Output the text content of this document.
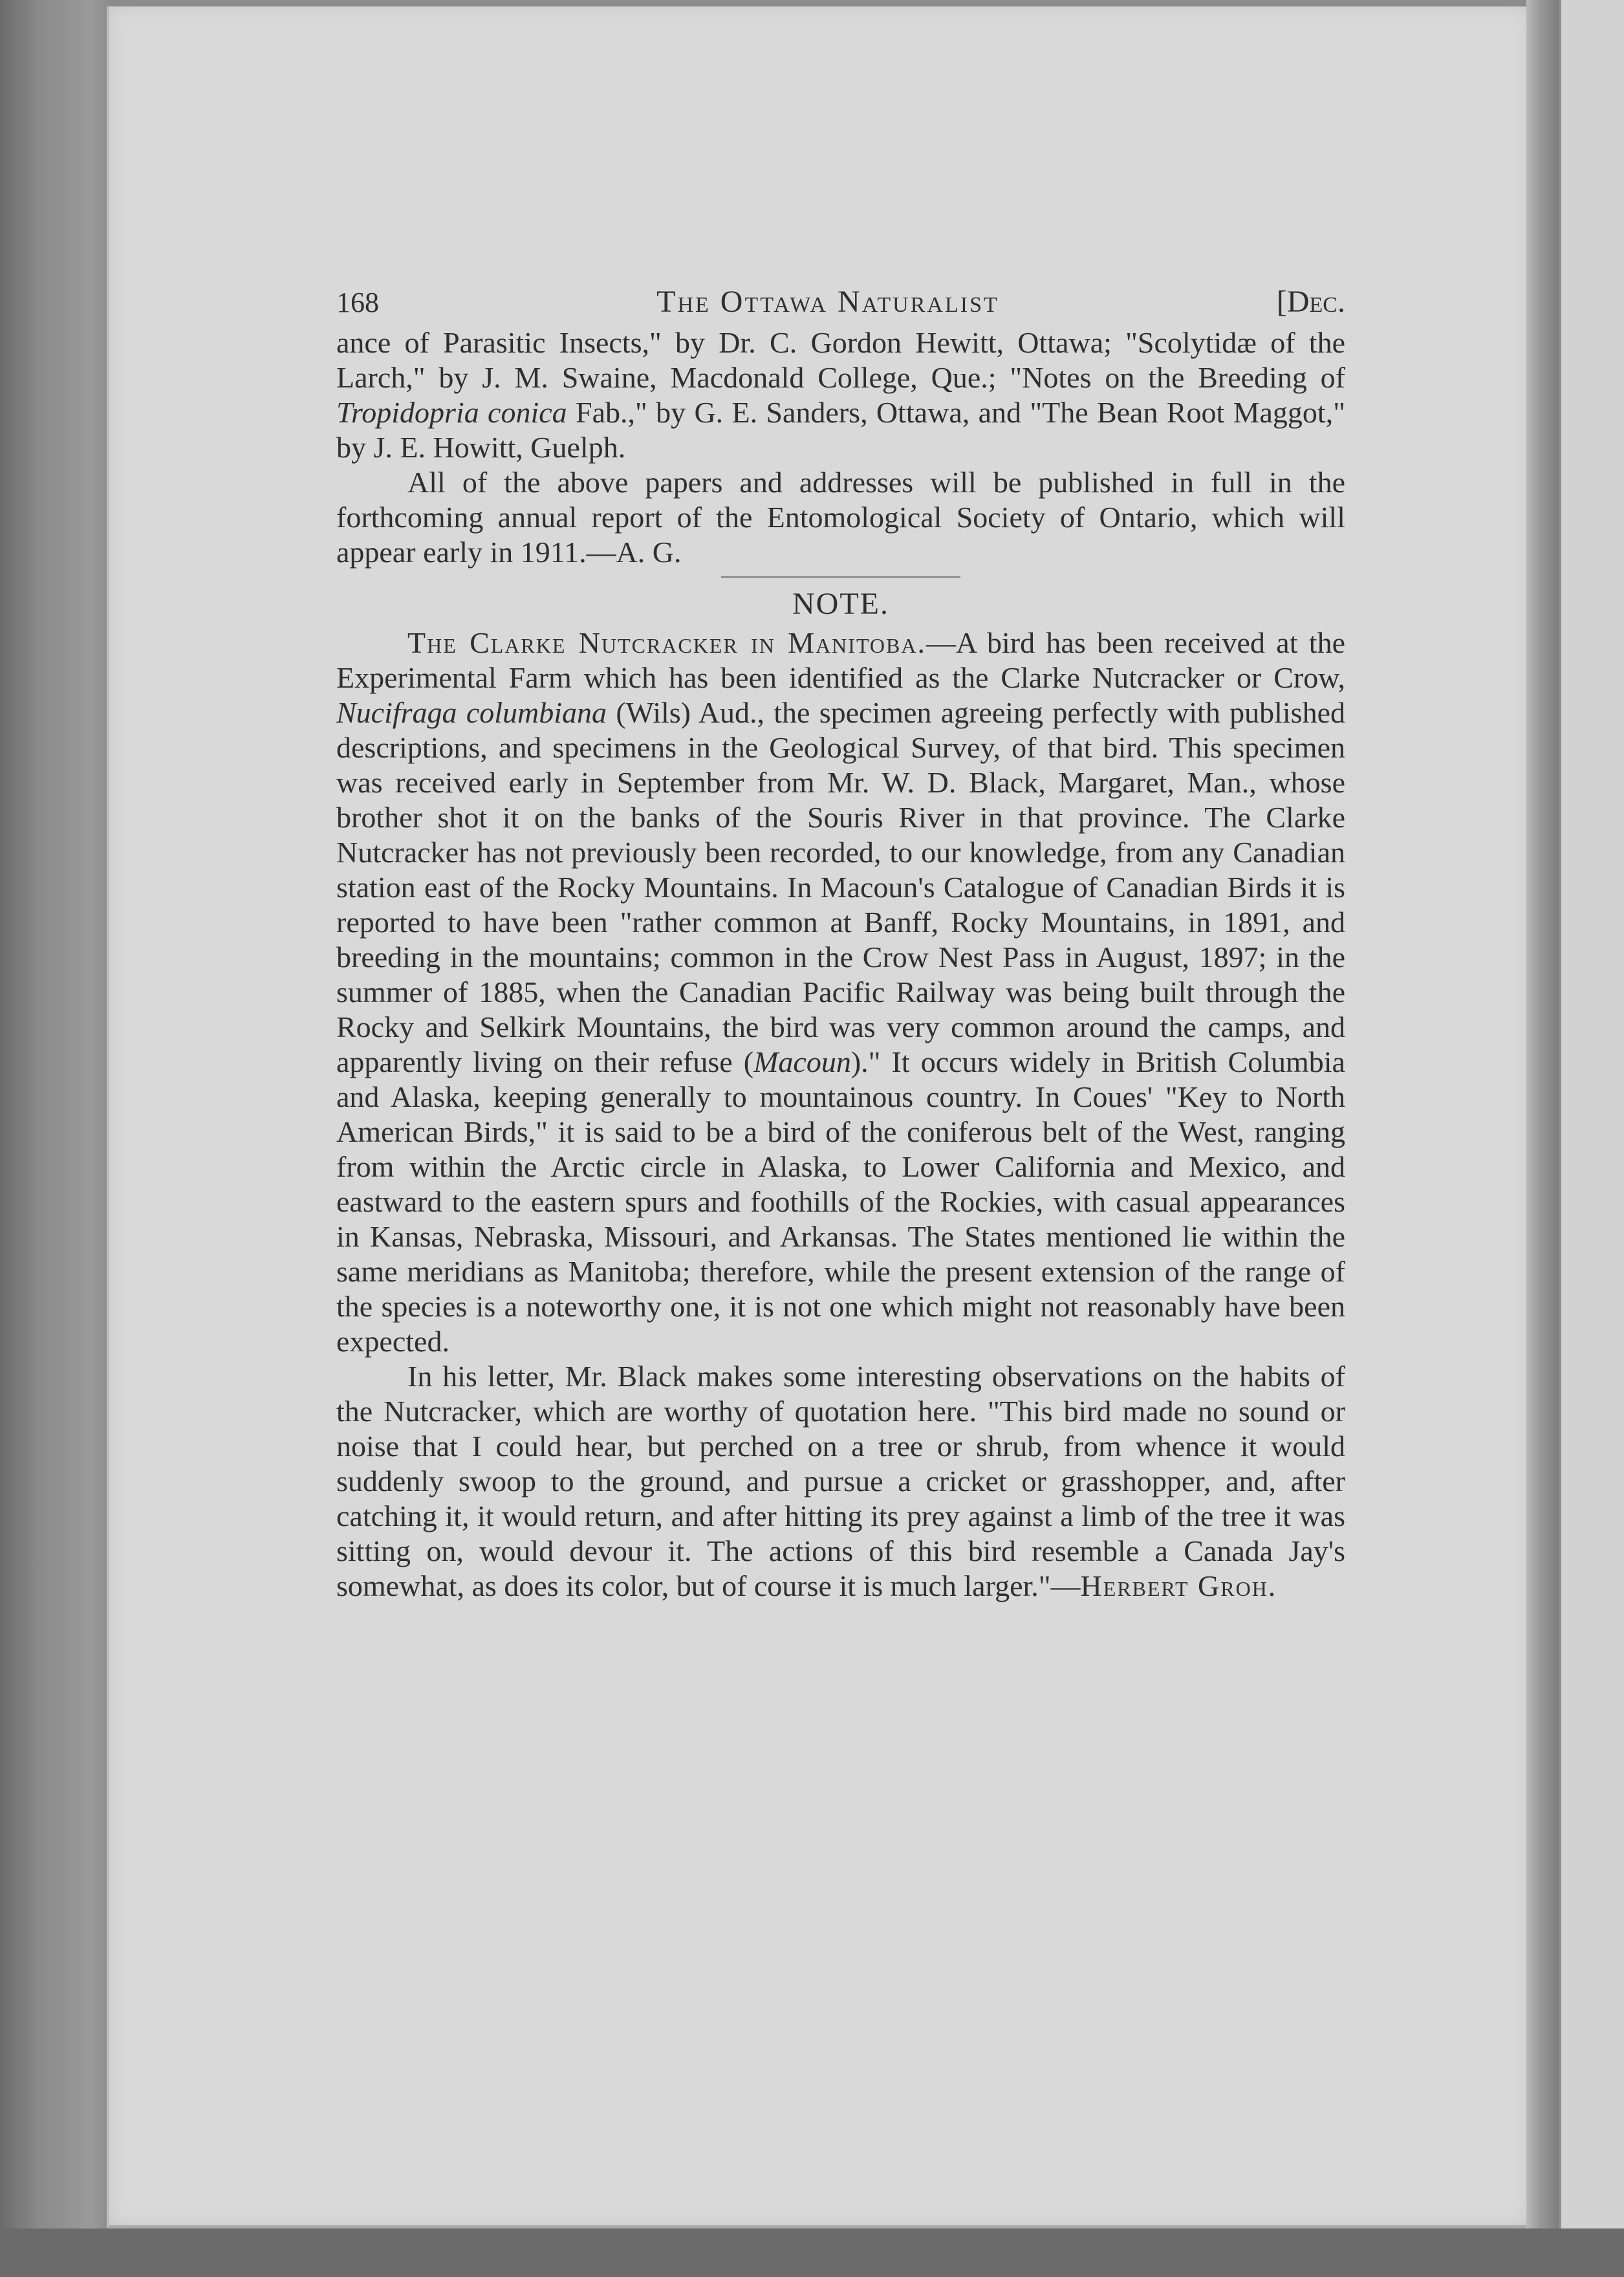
168	The Ottawa Naturalist	[Dec.

ance of Parasitic Insects," by Dr. C. Gordon Hewitt, Ottawa; "Scolytidæ of the Larch," by J. M. Swaine, Macdonald College, Que.; "Notes on the Breeding of Tropidopria conica Fab.," by G. E. Sanders, Ottawa, and "The Bean Root Maggot," by J. E. Howitt, Guelph.

All of the above papers and addresses will be published in full in the forthcoming annual report of the Entomological Society of Ontario, which will appear early in 1911.—A. G.

NOTE.

The Clarke Nutcracker in Manitoba.—A bird has been received at the Experimental Farm which has been identified as the Clarke Nutcracker or Crow, Nucifraga columbiana (Wils) Aud., the specimen agreeing perfectly with published descriptions, and specimens in the Geological Survey, of that bird. This specimen was received early in September from Mr. W. D. Black, Margaret, Man., whose brother shot it on the banks of the Souris River in that province. The Clarke Nutcracker has not previously been recorded, to our knowledge, from any Canadian station east of the Rocky Mountains. In Macoun's Catalogue of Canadian Birds it is reported to have been "rather common at Banff, Rocky Mountains, in 1891, and breeding in the mountains; common in the Crow Nest Pass in August, 1897; in the summer of 1885, when the Canadian Pacific Railway was being built through the Rocky and Selkirk Mountains, the bird was very common around the camps, and apparently living on their refuse (Macoun)." It occurs widely in British Columbia and Alaska, keeping generally to mountainous country. In Coues' "Key to North American Birds," it is said to be a bird of the coniferous belt of the West, ranging from within the Arctic circle in Alaska, to Lower California and Mexico, and eastward to the eastern spurs and foothills of the Rockies, with casual appearances in Kansas, Nebraska, Missouri, and Arkansas. The States mentioned lie within the same meridians as Manitoba; therefore, while the present extension of the range of the species is a noteworthy one, it is not one which might not reasonably have been expected.

In his letter, Mr. Black makes some interesting observations on the habits of the Nutcracker, which are worthy of quotation here. "This bird made no sound or noise that I could hear, but perched on a tree or shrub, from whence it would suddenly swoop to the ground, and pursue a cricket or grasshopper, and, after catching it, it would return, and after hitting its prey against a limb of the tree it was sitting on, would devour it. The actions of this bird resemble a Canada Jay's somewhat, as does its color, but of course it is much larger."—Herbert Groh.
